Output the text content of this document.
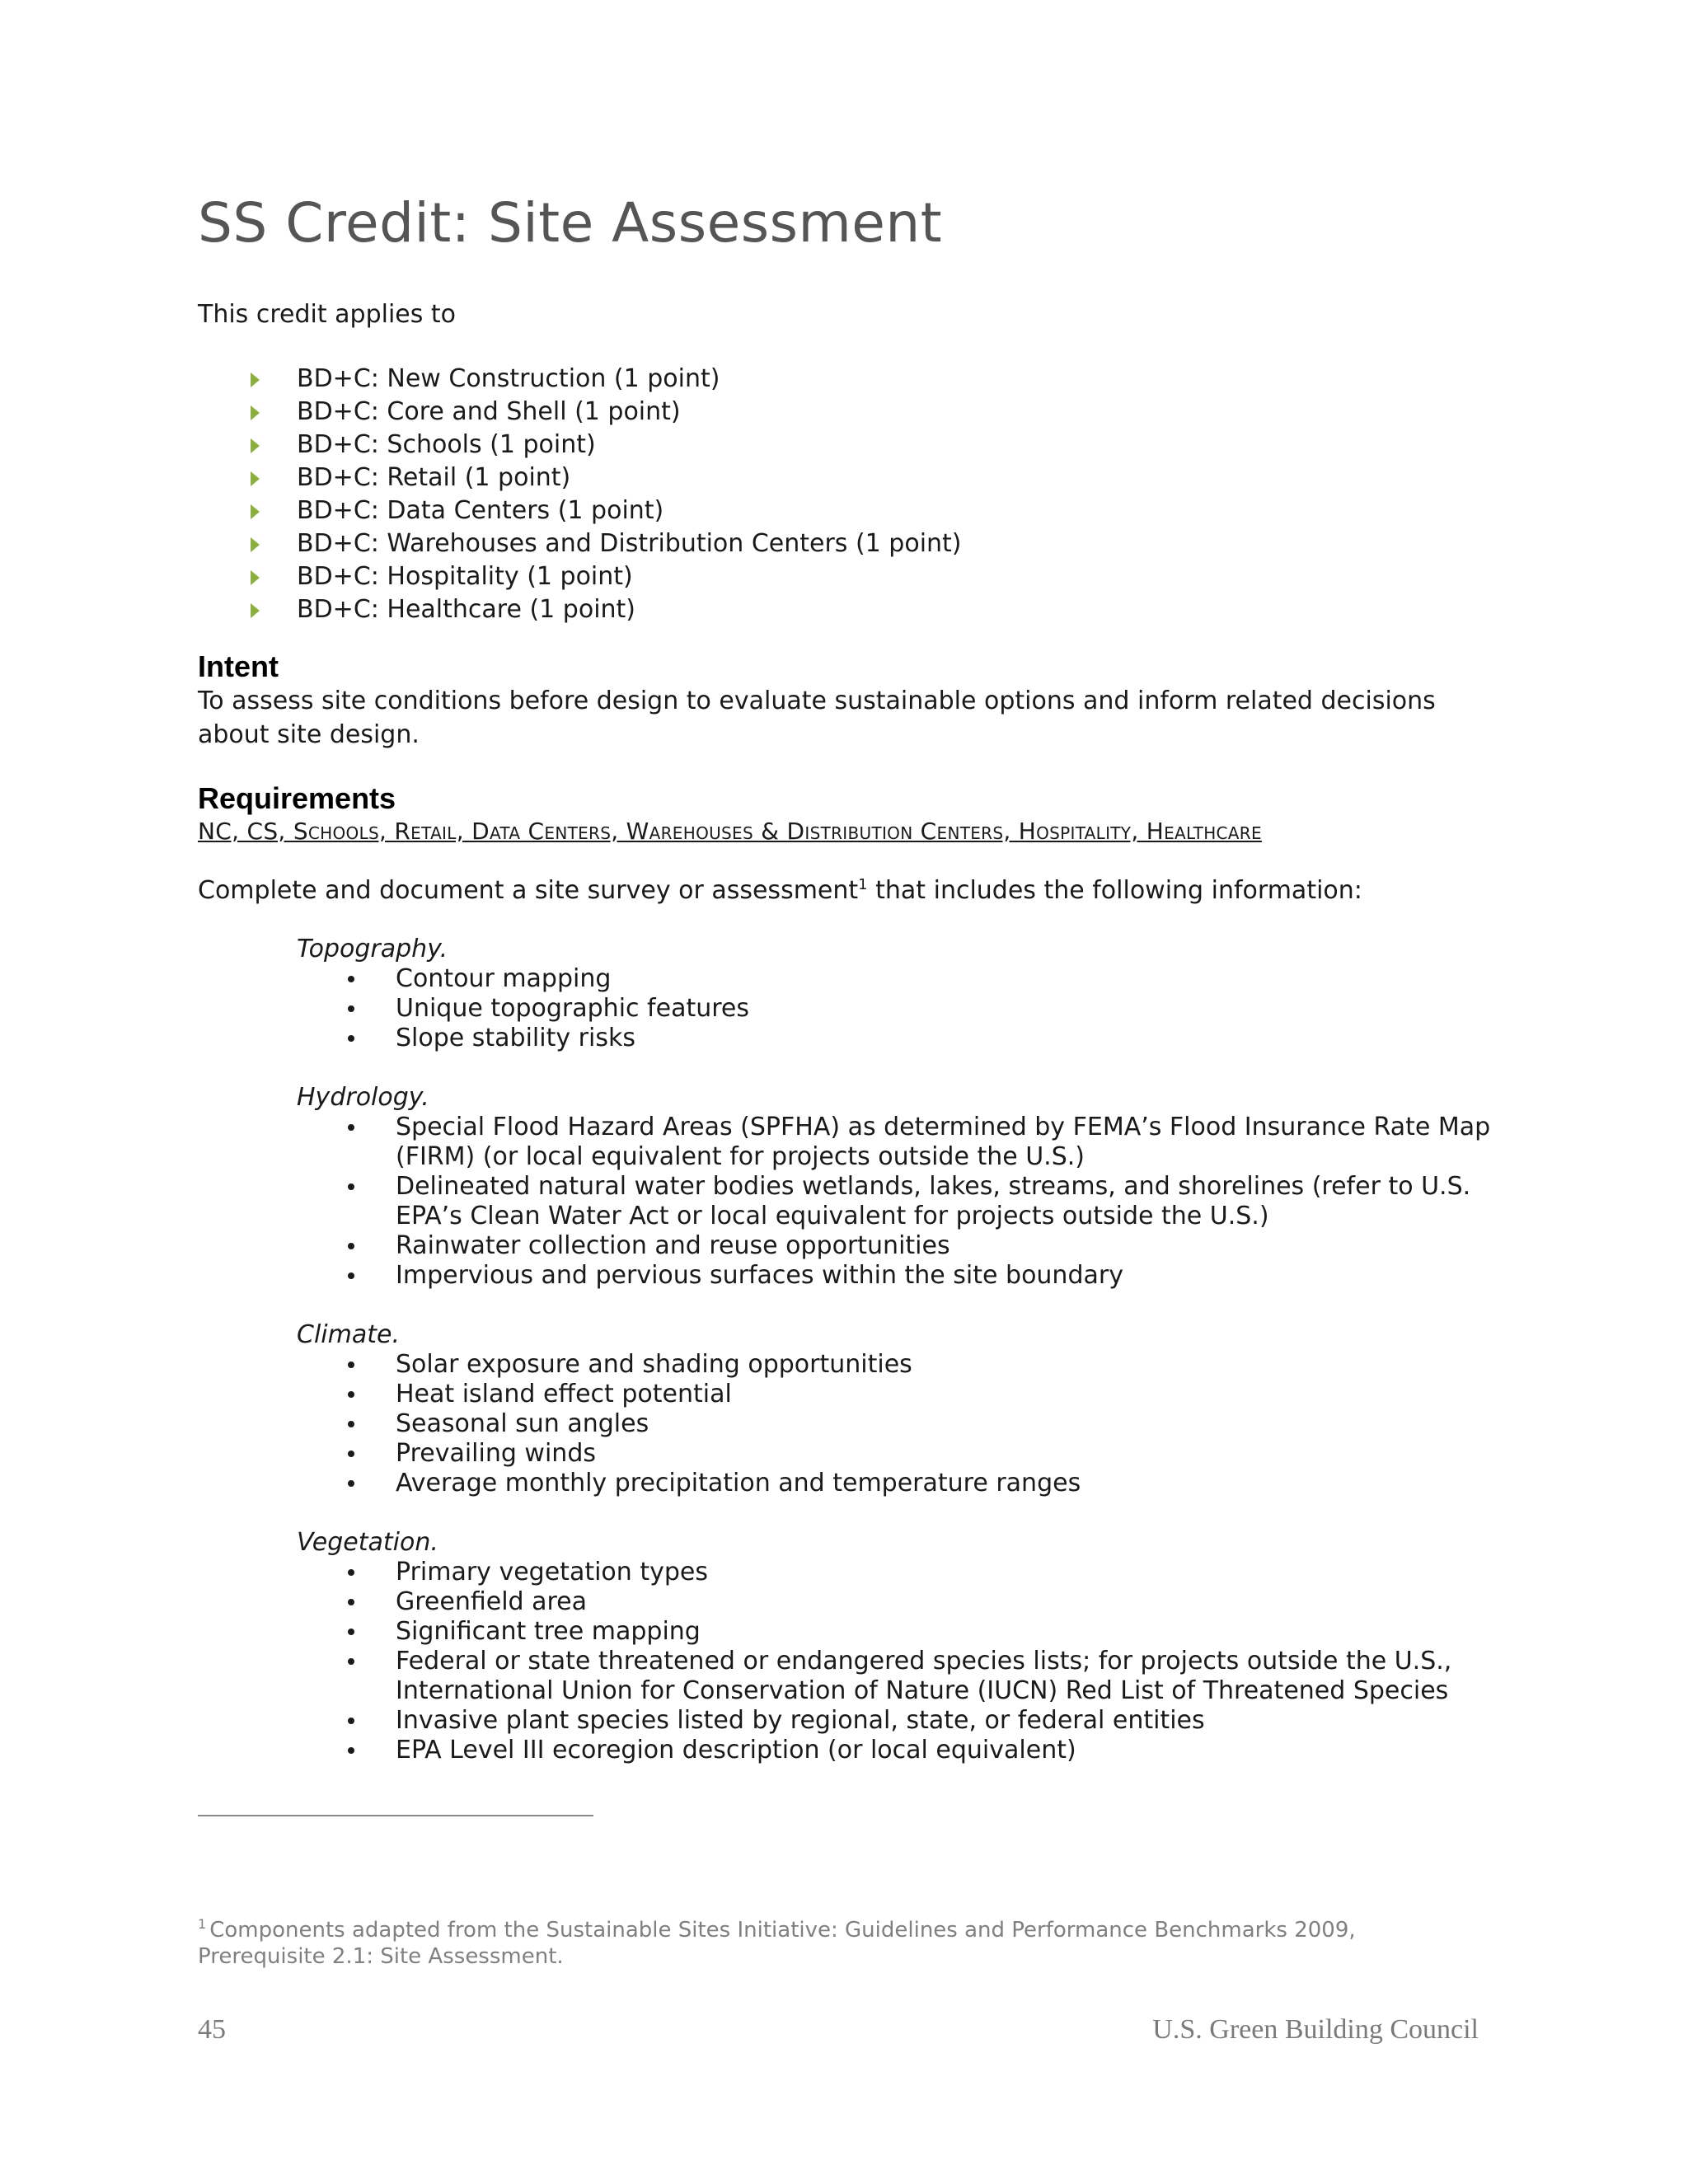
SS Credit: Site Assessment
This credit applies to
BD+C: New Construction (1 point)
BD+C: Core and Shell (1 point)
BD+C: Schools (1 point)
BD+C: Retail (1 point)
BD+C: Data Centers (1 point)
BD+C: Warehouses and Distribution Centers (1 point)
BD+C: Hospitality (1 point)
BD+C: Healthcare (1 point)
Intent

To assess site conditions before design to evaluate sustainable options and inform related decisions about site design.

Requirements
NC, CS, Schools, Retail, Data Centers, Warehouses & Distribution Centers, Hospitality, Healthcare

Complete and document a site survey or assessment$^1$ that includes the following information:

Topography.
Contour mapping
Unique topographic features
Slope stability risks
Hydrology.
Special Flood Hazard Areas (SPFHA) as determined by FEMA’s Flood Insurance Rate Map (FIRM) (or local equivalent for projects outside the U.S.)
Delineated natural water bodies wetlands, lakes, streams, and shorelines (refer to U.S. EPA’s Clean Water Act or local equivalent for projects outside the U.S.)
Rainwater collection and reuse opportunities
Impervious and pervious surfaces within the site boundary
Climate.
Solar exposure and shading opportunities
Heat island effect potential
Seasonal sun angles
Prevailing winds
Average monthly precipitation and temperature ranges
Vegetation.
Primary vegetation types
Greenfield area
Significant tree mapping
Federal or state threatened or endangered species lists; for projects outside the U.S., International Union for Conservation of Nature (IUCN) Red List of Threatened Species
Invasive plant species listed by regional, state, or federal entities
EPA Level III ecoregion description (or local equivalent)
$^1$ Components adapted from the Sustainable Sites Initiative: Guidelines and Performance Benchmarks 2009, Prerequisite 2.1: Site Assessment.
45	U.S. Green Building Council
